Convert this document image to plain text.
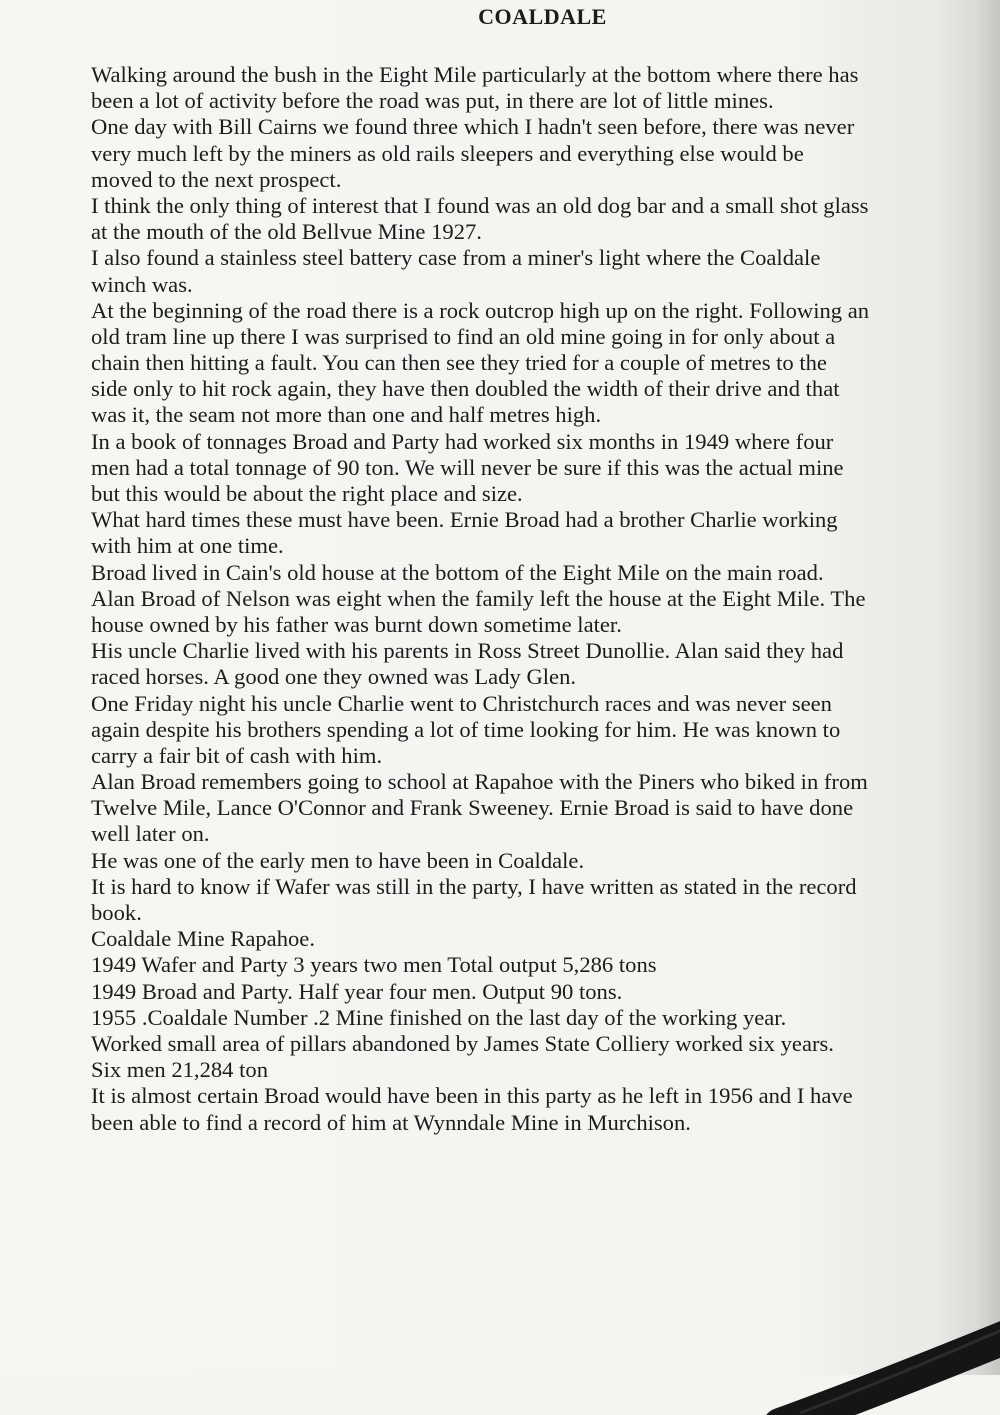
COALDALE
Walking around the bush in the Eight Mile particularly at the bottom where there has
been a lot of activity before the road was put, in there are lot of little mines.
One day with Bill Cairns we found three which I hadn't seen before, there was never
very much left by the miners as old rails sleepers and everything else would be
moved to the next prospect.
I think the only thing of interest that I found was an old dog bar and a small shot glass
at the mouth of the old Bellvue Mine 1927.
I also found a stainless steel battery case from a miner's light where the Coaldale
winch was.
At the beginning of the road there is a rock outcrop high up on the right. Following an
old tram line up there I was surprised to find an old mine going in for only about a
chain then hitting a fault. You can then see they tried for a couple of metres to the
side only to hit rock again, they have then doubled the width of their drive and that
was it, the seam not more than one and half metres high.
In a book of tonnages Broad and Party had worked six months in 1949 where four
men had a total tonnage of 90 ton. We will never be sure if this was the actual mine
but this would be about the right place and size.
What hard times these must have been. Ernie Broad had a brother Charlie working
with him at one time.
Broad lived in Cain's old house at the bottom of the Eight Mile on the main road.
Alan Broad of Nelson was eight when the family left the house at the Eight Mile. The
house owned by his father was burnt down sometime later.
His uncle Charlie lived with his parents in Ross Street Dunollie. Alan said they had
raced horses. A good one they owned was Lady Glen.
One Friday night his uncle Charlie went to Christchurch races and was never seen
again despite his brothers spending a lot of time looking for him. He was known to
carry a fair bit of cash with him.
Alan Broad remembers going to school at Rapahoe with the Piners who biked in from
Twelve Mile, Lance O'Connor and Frank Sweeney. Ernie Broad is said to have done
well later on.
He was one of the early men to have been in Coaldale.
It is hard to know if Wafer was still in the party, I have written as stated in the record
book.
Coaldale Mine Rapahoe.
1949 Wafer and Party 3 years two men Total output 5,286 tons
1949 Broad and Party. Half year four men. Output 90 tons.
1955 .Coaldale Number .2 Mine finished on the last day of the working year.
Worked small area of pillars abandoned by James State Colliery worked six years.
Six men 21,284 ton
It is almost certain Broad would have been in this party as he left in 1956 and I have
been able to find a record of him at Wynndale Mine in Murchison.
